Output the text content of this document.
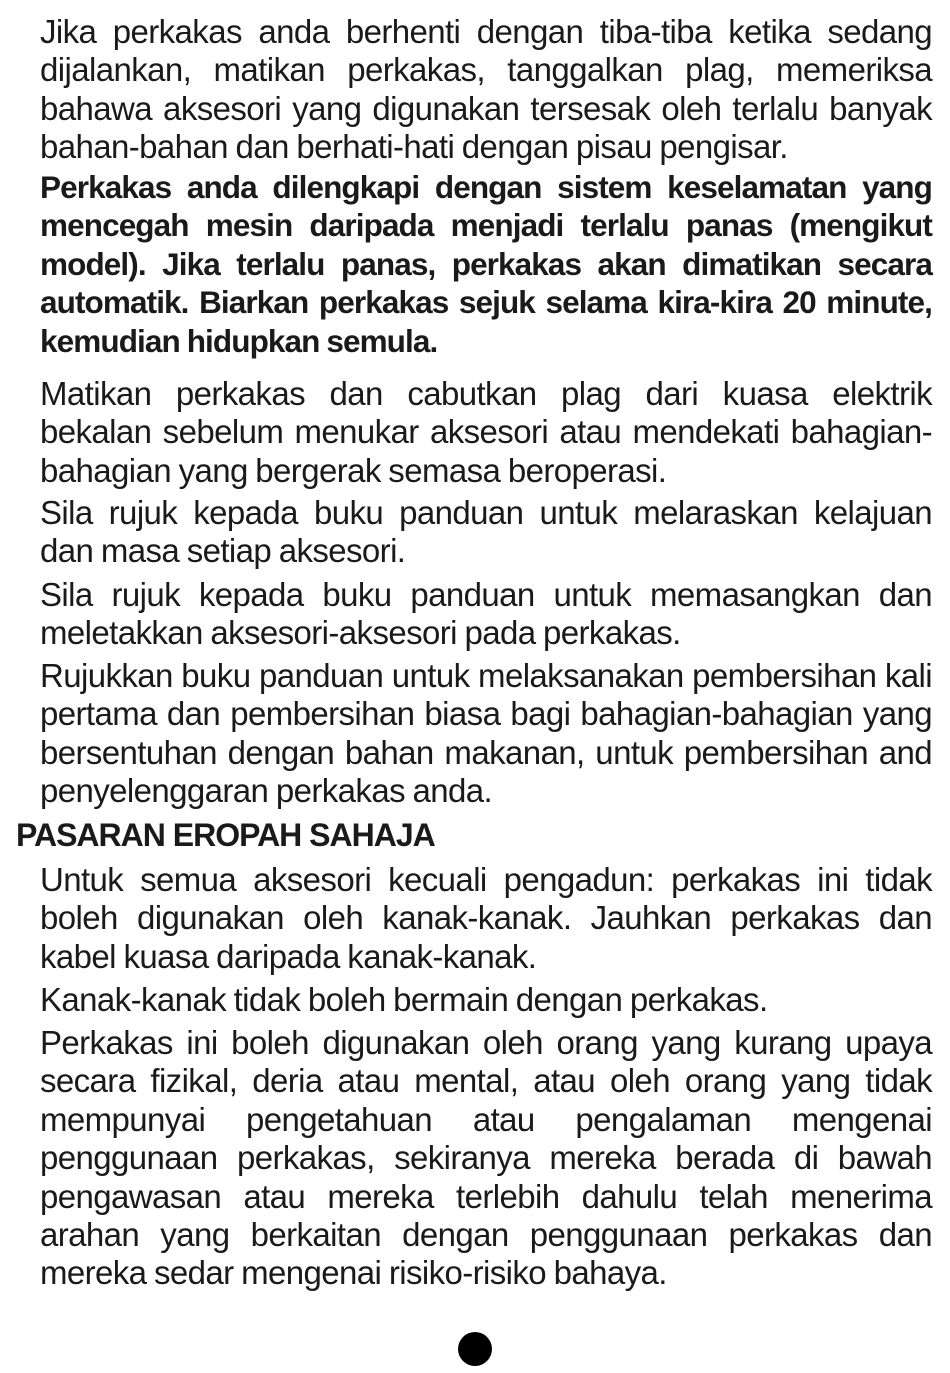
Jika perkakas anda berhenti dengan tiba-tiba ketika sedang dijalankan, matikan perkakas, tanggalkan plag, memeriksa bahawa aksesori yang digunakan tersesak oleh terlalu banyak bahan-bahan dan berhati-hati dengan pisau pengisar.

Perkakas anda dilengkapi dengan sistem keselamatan yang mencegah mesin daripada menjadi terlalu panas (mengikut model). Jika terlalu panas, perkakas akan dimatikan secara automatik. Biarkan perkakas sejuk selama kira-kira 20 minute, kemudian hidupkan semula.

Matikan perkakas dan cabutkan plag dari kuasa elektrik bekalan sebelum menukar aksesori atau mendekati bahagian-bahagian yang bergerak semasa beroperasi.

Sila rujuk kepada buku panduan untuk melaraskan kelajuan dan masa setiap aksesori.

Sila rujuk kepada buku panduan untuk memasangkan dan meletakkan aksesori-aksesori pada perkakas.

Rujukkan buku panduan untuk melaksanakan pembersihan kali pertama dan pembersihan biasa bagi bahagian-bahagian yang bersentuhan dengan bahan makanan, untuk pembersihan and penyelenggaran perkakas anda.

PASARAN EROPAH SAHAJA

Untuk semua aksesori kecuali pengadun: perkakas ini tidak boleh digunakan oleh kanak-kanak. Jauhkan perkakas dan kabel kuasa daripada kanak-kanak.

Kanak-kanak tidak boleh bermain dengan perkakas.

Perkakas ini boleh digunakan oleh orang yang kurang upaya secara fizikal, deria atau mental, atau oleh orang yang tidak mempunyai pengetahuan atau pengalaman mengenai penggunaan perkakas, sekiranya mereka berada di bawah pengawasan atau mereka terlebih dahulu telah menerima arahan yang berkaitan dengan penggunaan perkakas dan mereka sedar mengenai risiko-risiko bahaya.
